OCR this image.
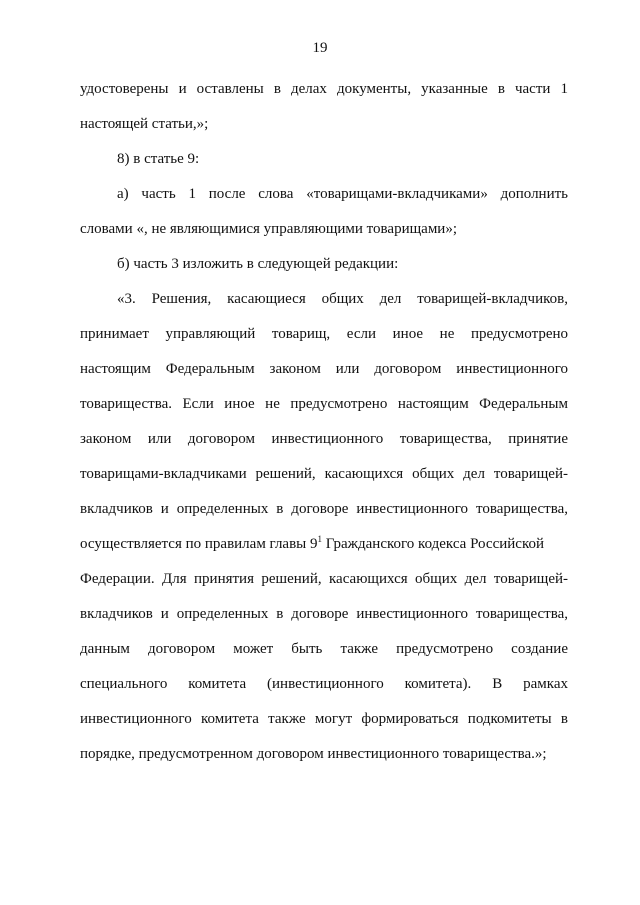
19
удостоверены и оставлены в делах документы, указанные в части 1
настоящей статьи,»;
8) в статье 9:
а) часть 1 после слова «товарищами-вкладчиками» дополнить
словами «, не являющимися управляющими товарищами»;
б) часть 3 изложить в следующей редакции:
«3. Решения, касающиеся общих дел товарищей-вкладчиков,
принимает управляющий товарищ, если иное не предусмотрено
настоящим Федеральным законом или договором инвестиционного
товарищества. Если иное не предусмотрено настоящим Федеральным
законом или договором инвестиционного товарищества, принятие
товарищами-вкладчиками решений, касающихся общих дел товарищей-
вкладчиков и определенных в договоре инвестиционного товарищества,
осуществляется по правилам главы $9^1$ Гражданского кодекса Российской
Федерации. Для принятия решений, касающихся общих дел товарищей-
вкладчиков и определенных в договоре инвестиционного товарищества,
данным договором может быть также предусмотрено создание
специального комитета (инвестиционного комитета). В рамках
инвестиционного комитета также могут формироваться подкомитеты в
порядке, предусмотренном договором инвестиционного товарищества.»;
